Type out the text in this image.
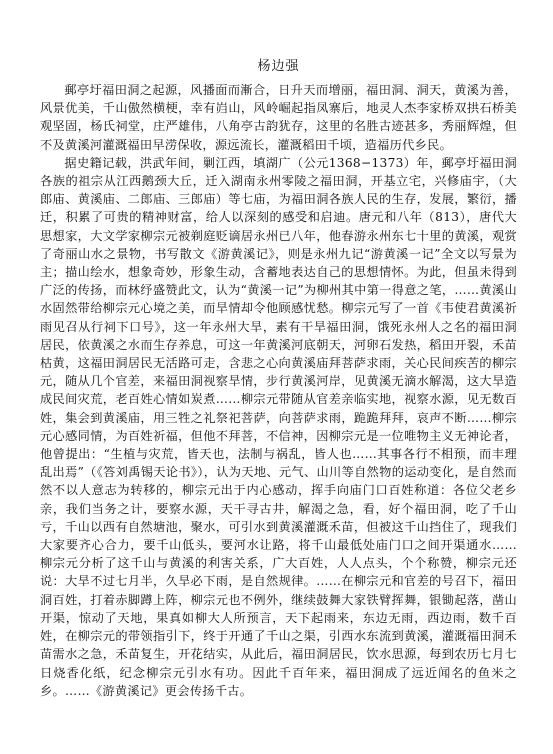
杨边强

郵亭圩福田洞之起源，风播面而漸合，日升天而增丽，福田洞、洞天，黄溪为善，风景优美，千山傲然横梗，幸有岿山，风岭崛起指凤寨后，地灵人杰李家桥双拱石桥美观坚固，杨氏祠堂，庄严雄伟，八角亭古韵犹存，这里的名胜古迹甚多，秀丽辉煌，但不及黄溪河灌溉福田早涝保收，源远流长，灌溉稻田千顷，造福历代乡民。

据史籍记载，洪武年间，剿江西，填湖广（公元1368−1373）年，郵亭圩福田洞各族的祖宗从江西鹅颈大丘，迁入湖南永州零陵之福田洞，开基立宅，兴修庙宇，（大郎庙、黄溪庙、二郎庙、三郎庙）等七庙，为福田洞各族人民的生存，发展，繁衍，播迁，积累了可贵的精神财富，给人以深刻的感受和启迪。唐元和八年（813），唐代大思想家，大文学家柳宗元被剃庭贬谪居永州已八年，他春游永州东七十里的黄溪，观赏了奇丽山水之景物，书写散文《游黄溪记》，则是永州九记“游黄溪一记”全文以写景为主；描山绘水，想象奇妙，形象生动，含蓄地表达自己的思想情怀。为此，但虽未得到广泛的传扬，而林纾盛赞此文，认为“黄溪一记”为柳州其中第一得意之笔，……黄溪山水固然带给柳宗元心境之美，而旱情却令他顾感忧愁。柳宗元写了一首《韦使君黄溪祈雨见召从行祠下口号》，这一年永州大旱，素有干旱福田洞，饿死永州人之名的福田洞居民，依黄溪之水而生存养息，可这一年黄溪河底朝天，河卵石发热，稻田开裂，禾苗枯黄，这福田洞居民无活路可走，含悲之心向黄溪庙拜菩萨求雨，关心民间疾苦的柳宗元，随从几个官差，来福田洞视察旱情，步行黄溪河岸，见黄溪无滴水解渴，这大旱造成民间灾荒，老百姓心情如炭煮……柳宗元带随从官差亲临实地，视察水源，见无数百姓，集会到黄溪庙，用三牲之礼祭祀菩萨，向菩萨求雨，跪跪拜拜，哀声不断……柳宗元心感同情，为百姓祈福，但他不拜菩，不信神，因柳宗元是一位唯物主义无神论者，他曾提出：“生植与灾荒，皆天也，法制与祸乱，皆人也……其事各行不相预，而丰理乱出焉”（《答刘禹锡天论书》），认为天地、元气、山川等自然物的运动变化，是自然而然不以人意志为转移的，柳宗元出于内心感动，挥手向庙门口百姓称道：各位父老乡亲，我们当务之计，要察水源，天干寻古井，解渴之急，看，好个福田洞，吃了千山亏，千山以西有自然塘池，聚水，可引水到黄溪灌溉禾苗，但被这千山挡住了，现我们大家要齐心合力，要千山低头，要河水让路，将千山最低处庙门口之间开渠通水…… 柳宗元分析了这千山与黄溪的利害关系，广大百姓，人人点头，个个称赞，柳宗元还说：大旱不过七月半，久旱必下雨，是自然规律。……在柳宗元和官差的号召下，福田洞百姓，打着赤脚蹲上阵，柳宗元也不例外，继续鼓舞大家铁臂挥舞，银锄起落，凿山开渠，惊动了天地，果真如柳大人所预言，天下起雨来，东边无雨，西边雨，数千百姓，在柳宗元的带领指引下，终于开通了千山之渠，引西水东流到黄溪，灌溉福田洞禾苗需水之急，禾苗复生，开花结实，从此后，福田洞居民，饮水思源，每到农历七月七日烧香化纸，纪念柳宗元引水有功。因此千百年来，福田洞成了远近闻名的鱼米之乡。……《游黄溪记》更会传扬千古。
